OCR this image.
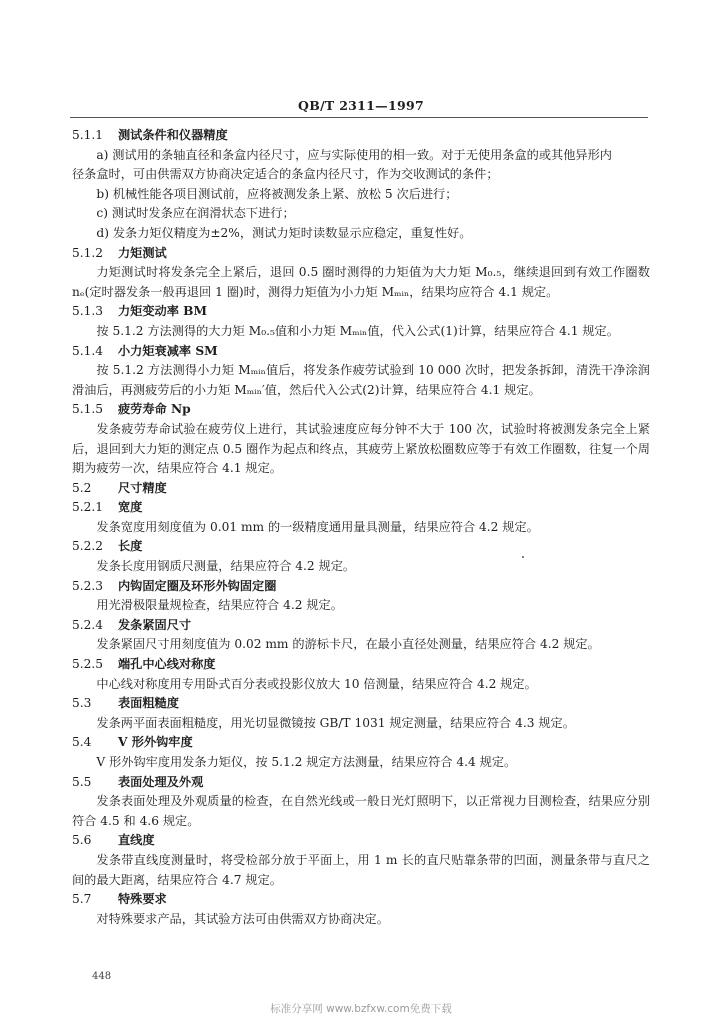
QB/T 2311—1997
5.1.1 测试条件和仪器精度
a) 测试用的条轴直径和条盒内径尺寸，应与实际使用的相一致。对于无使用条盒的或其他异形内
径条盒时，可由供需双方协商决定适合的条盒内径尺寸，作为交收测试的条件；
b) 机械性能各项目测试前，应将被测发条上紧、放松 5 次后进行；
c) 测试时发条应在润滑状态下进行；
d) 发条力矩仪精度为±2%，测试力矩时读数显示应稳定，重复性好。
5.1.2 力矩测试
力矩测试时将发条完全上紧后，退回 0.5 圈时测得的力矩值为大力矩 M₀.₅，继续退回到有效工作圈数 nₑ(定时器发条一般再退回 1 圈)时，测得力矩值为小力矩 Mₘᵢₙ，结果均应符合 4.1 规定。
5.1.3 力矩变动率 BM
按 5.1.2 方法测得的大力矩 M₀.₅值和小力矩 Mₘᵢₙ值，代入公式(1)计算，结果应符合 4.1 规定。
5.1.4 小力矩衰减率 SM
按 5.1.2 方法测得小力矩 Mₘᵢₙ值后，将发条作疲劳试验到 10 000 次时，把发条拆卸，清洗干净涂润滑油后，再测疲劳后的小力矩 Mₘᵢₙ′值，然后代入公式(2)计算，结果应符合 4.1 规定。
5.1.5 疲劳寿命 Np
发条疲劳寿命试验在疲劳仪上进行，其试验速度应每分钟不大于 100 次，试验时将被测发条完全上紧后，退回到大力矩的测定点 0.5 圈作为起点和终点，其疲劳上紧放松圈数应等于有效工作圈数，往复一个周期为疲劳一次，结果应符合 4.1 规定。
5.2	尺寸精度
5.2.1 宽度
发条宽度用刻度值为 0.01 mm 的一级精度通用量具测量，结果应符合 4.2 规定。
5.2.2 长度
发条长度用钢质尺测量，结果应符合 4.2 规定。
5.2.3 内钩固定圈及环形外钩固定圈
用光滑极限量规检查，结果应符合 4.2 规定。
5.2.4 发条紧固尺寸
发条紧固尺寸用刻度值为 0.02 mm 的游标卡尺，在最小直径处测量，结果应符合 4.2 规定。
5.2.5 端孔中心线对称度
中心线对称度用专用卧式百分表或投影仪放大 10 倍测量，结果应符合 4.2 规定。
5.3	表面粗糙度
发条两平面表面粗糙度，用光切显微镜按 GB/T 1031 规定测量，结果应符合 4.3 规定。
5.4	V 形外钩牢度
V 形外钩牢度用发条力矩仪，按 5.1.2 规定方法测量，结果应符合 4.4 规定。
5.5	表面处理及外观
发条表面处理及外观质量的检查，在自然光线或一般日光灯照明下，以正常视力目测检查，结果应分别符合 4.5 和 4.6 规定。
5.6	直线度
发条带直线度测量时，将受检部分放于平面上，用 1 m 长的直尺贴靠条带的凹面，测量条带与直尺之间的最大距离，结果应符合 4.7 规定。
5.7	特殊要求
对特殊要求产品，其试验方法可由供需双方协商决定。
448
标准分享网 www.bzfxw.com免费下载
